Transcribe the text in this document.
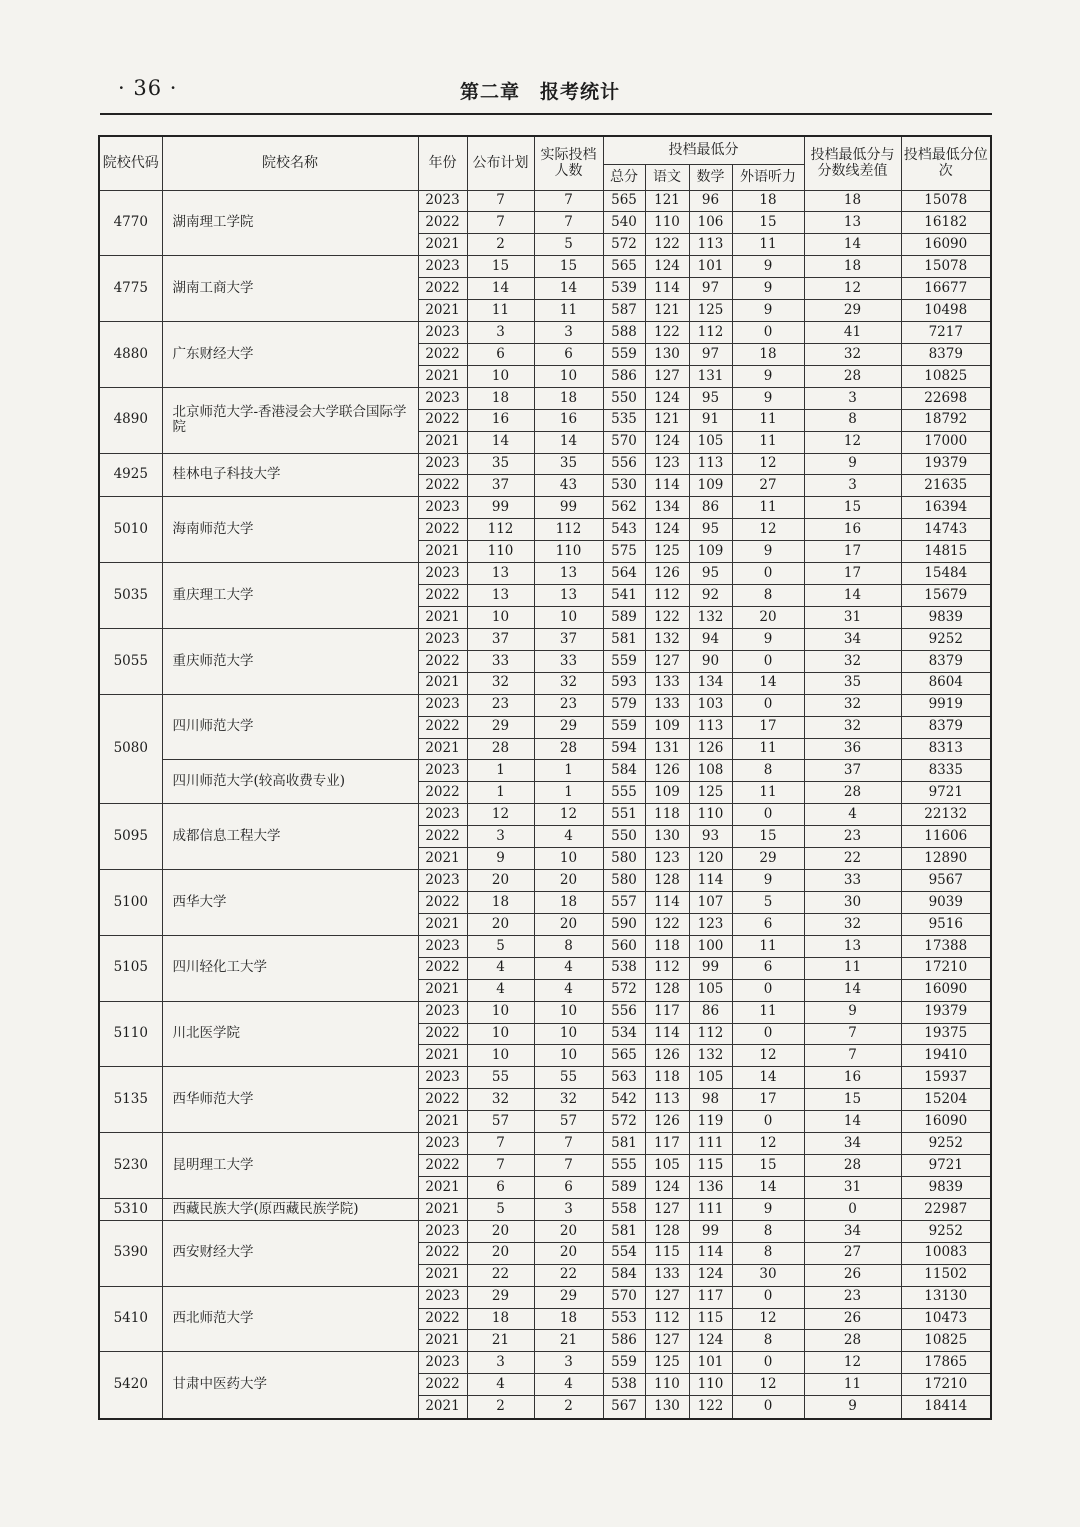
· 36 ·	第二章　报考统计
院校代码	院校名称	年份	公布计划	实际投档人数	投档最低分				投档最低分与分数线差值	投档最低分位次
					总分	语文	数学	外语听力		
4770	湖南理工学院	2023	7	7	565	121	96	18	18	15078
		2022	7	7	540	110	106	15	13	16182
		2021	2	5	572	122	113	11	14	16090
4775	湖南工商大学	2023	15	15	565	124	101	9	18	15078
		2022	14	14	539	114	97	9	12	16677
		2021	11	11	587	121	125	9	29	10498
4880	广东财经大学	2023	3	3	588	122	112	0	41	7217
		2022	6	6	559	130	97	18	32	8379
		2021	10	10	586	127	131	9	28	10825
4890	北京师范大学-香港浸会大学联合国际学院	2023	18	18	550	124	95	9	3	22698
		2022	16	16	535	121	91	11	8	18792
		2021	14	14	570	124	105	11	12	17000
4925	桂林电子科技大学	2023	35	35	556	123	113	12	9	19379
		2022	37	43	530	114	109	27	3	21635
5010	海南师范大学	2023	99	99	562	134	86	11	15	16394
		2022	112	112	543	124	95	12	16	14743
		2021	110	110	575	125	109	9	17	14815
5035	重庆理工大学	2023	13	13	564	126	95	0	17	15484
		2022	13	13	541	112	92	8	14	15679
		2021	10	10	589	122	132	20	31	9839
5055	重庆师范大学	2023	37	37	581	132	94	9	34	9252
		2022	33	33	559	127	90	0	32	8379
		2021	32	32	593	133	134	14	35	8604
5080	四川师范大学	2023	23	23	579	133	103	0	32	9919
		2022	29	29	559	109	113	17	32	8379
		2021	28	28	594	131	126	11	36	8313
	四川师范大学(较高收费专业)	2023	1	1	584	126	108	8	37	8335
		2022	1	1	555	109	125	11	28	9721
5095	成都信息工程大学	2023	12	12	551	118	110	0	4	22132
		2022	3	4	550	130	93	15	23	11606
		2021	9	10	580	123	120	29	22	12890
5100	西华大学	2023	20	20	580	128	114	9	33	9567
		2022	18	18	557	114	107	5	30	9039
		2021	20	20	590	122	123	6	32	9516
5105	四川轻化工大学	2023	5	8	560	118	100	11	13	17388
		2022	4	4	538	112	99	6	11	17210
		2021	4	4	572	128	105	0	14	16090
5110	川北医学院	2023	10	10	556	117	86	11	9	19379
		2022	10	10	534	114	112	0	7	19375
		2021	10	10	565	126	132	12	7	19410
5135	西华师范大学	2023	55	55	563	118	105	14	16	15937
		2022	32	32	542	113	98	17	15	15204
		2021	57	57	572	126	119	0	14	16090
5230	昆明理工大学	2023	7	7	581	117	111	12	34	9252
		2022	7	7	555	105	115	15	28	9721
		2021	6	6	589	124	136	14	31	9839
5310	西藏民族大学(原西藏民族学院)	2021	5	3	558	127	111	9	0	22987
5390	西安财经大学	2023	20	20	581	128	99	8	34	9252
		2022	20	20	554	115	114	8	27	10083
		2021	22	22	584	133	124	30	26	11502
5410	西北师范大学	2023	29	29	570	127	117	0	23	13130
		2022	18	18	553	112	115	12	26	10473
		2021	21	21	586	127	124	8	28	10825
5420	甘肃中医药大学	2023	3	3	559	125	101	0	12	17865
		2022	4	4	538	110	110	12	11	17210
		2021	2	2	567	130	122	0	9	18414
